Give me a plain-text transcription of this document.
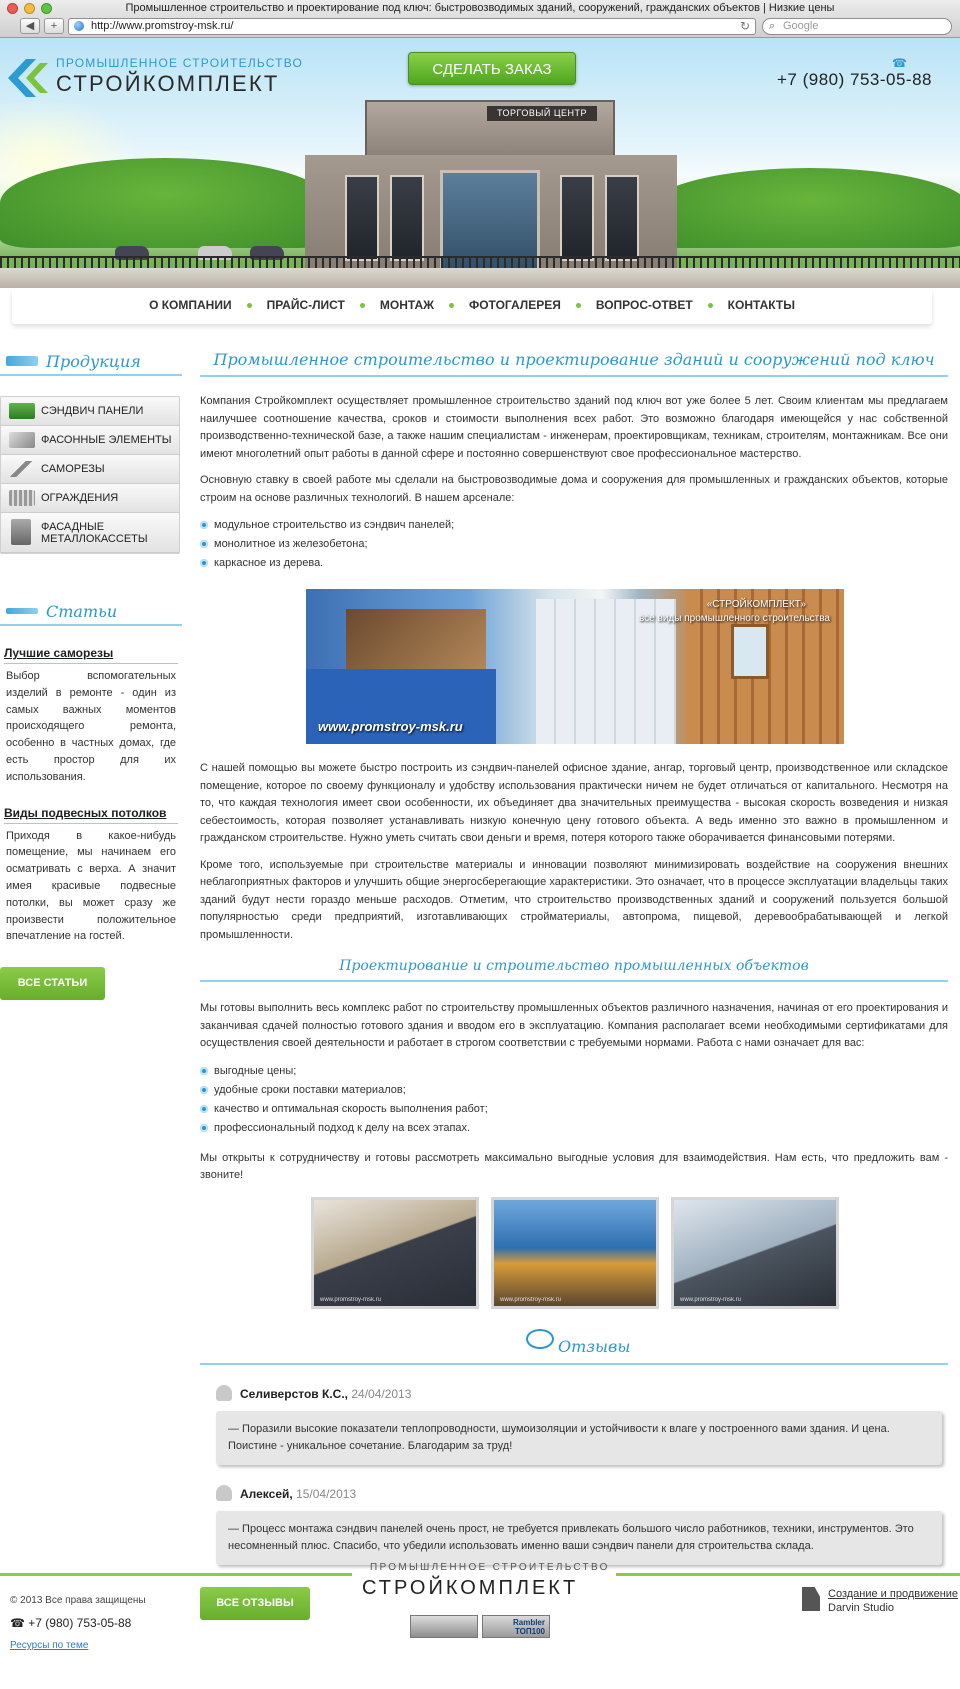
Промышленное строительство и проектирование под ключ: быстровозводимых зданий, сооружений, гражданских объектов | Низкие цены
◀	+	http://www.promstroy-msk.ru/	↻ ⌕ Google
ТОРГОВЫЙ ЦЕНТР
ПРОМЫШЛЕННОЕ СТРОИТЕЛЬСТВО
СТРОЙКОМПЛЕКТ
СДЕЛАТЬ ЗАКАЗ	☎
+7 (980) 753-05-88
О КОМПАНИИ	ПРАЙС-ЛИСТ	МОНТАЖ	ФОТОГАЛЕРЕЯ	ВОПРОС-ОТВЕТ	КОНТАКТЫ
Продукция
СЭНДВИЧ ПАНЕЛИ
ФАСОННЫЕ ЭЛЕМЕНТЫ
САМОРЕЗЫ
ОГРАЖДЕНИЯ
ФАСАДНЫЕ
МЕТАЛЛОКАССЕТЫ
Статьи
Лучшие саморезы
Выбор вспомогательных изделий в ремонте - один из самых важных моментов происходящего ремонта, особенно в частных домах, где есть простор для их использования.
Виды подвесных потолков
Приходя в какое-нибудь помещение, мы начинаем его осматривать с верха. А значит имея красивые подвесные потолки, вы может сразу же произвести положительное впечатление на гостей.
ВСЕ СТАТЬИ
Промышленное строительство и проектирование зданий и сооружений под ключ

Компания Стройкомплект осуществляет промышленное строительство зданий под ключ вот уже более 5 лет. Своим клиентам мы предлагаем наилучшее соотношение качества, сроков и стоимости выполнения всех работ. Это возможно благодаря имеющейся у нас собственной производственно-технической базе, а также нашим специалистам - инженерам, проектировщикам, техникам, строителям, монтажникам. Все они имеют многолетний опыт работы в данной сфере и постоянно совершенствуют свое профессиональное мастерство.

Основную ставку в своей работе мы сделали на быстровозводимые дома и сооружения для промышленных и гражданских объектов, которые строим на основе различных технологий. В нашем арсенале:

модульное строительство из сэндвич панелей;
монолитное из железобетона;
каркасное из дерева.
www.promstroy-msk.ru
«СТРОЙКОМПЛЕКТ»
все виды промышленного строительства

С нашей помощью вы можете быстро построить из сэндвич-панелей офисное здание, ангар, торговый центр, производственное или складское помещение, которое по своему функционалу и удобству использования практически ничем не будет отличаться от капитального. Несмотря на то, что каждая технология имеет свои особенности, их объединяет два значительных преимущества - высокая скорость возведения и низкая себестоимость, которая позволяет устанавливать низкую конечную цену готового объекта. А ведь именно это важно в промышленном и гражданском строительстве. Нужно уметь считать свои деньги и время, потеря которого также оборачивается финансовыми потерями.

Кроме того, используемые при строительстве материалы и инновации позволяют минимизировать воздействие на сооружения внешних неблагоприятных факторов и улучшить общие энергосберегающие характеристики. Это означает, что в процессе эксплуатации владельцы таких зданий будут нести гораздо меньше расходов. Отметим, что строительство производственных зданий и сооружений пользуется большой популярностью среди предприятий, изготавливающих стройматериалы, автопрома, пищевой, деревообрабатывающей и легкой промышленности.

Проектирование и строительство промышленных объектов

Мы готовы выполнить весь комплекс работ по строительству промышленных объектов различного назначения, начиная от его проектирования и заканчивая сдачей полностью готового здания и вводом его в эксплуатацию. Компания располагает всеми необходимыми сертификатами для осуществления своей деятельности и работает в строгом соответствии с требуемыми нормами. Работа с нами означает для вас:

выгодные цены;
удобные сроки поставки материалов;
качество и оптимальная скорость выполнения работ;
профессиональный подход к делу на всех этапах.

Мы открыты к сотрудничеству и готовы рассмотреть максимально выгодные условия для взаимодействия. Нам есть, что предложить вам - звоните!

www.promstroy-msk.ru	www.promstroy-msk.ru	www.promstroy-msk.ru
Отзывы
Селиверстов К.С., 24/04/2013
— Поразили высокие показатели теплопроводности, шумоизоляции и устойчивости к влаге у построенного вами здания. И цена. Поистине - уникальное сочетание. Благодарим за труд!
Алексей, 15/04/2013
— Процесс монтажа сэндвич панелей очень прост, не требуется привлекать большого число работников, техники, инструментов. Это несомненный плюс. Спасибо, что убедили использовать именно ваши сэндвич панели для строительства склада.
ВСЕ ОТЗЫВЫ
ПРОМЫШЛЕННОЕ СТРОИТЕЛЬСТВО
СТРОЙКОМПЛЕКТ
© 2013 Все права защищены
☎ +7 (980) 753-05-88
Ресурсы по теме
Rambler ТОП100
Создание и продвижение
Darvin Studio
